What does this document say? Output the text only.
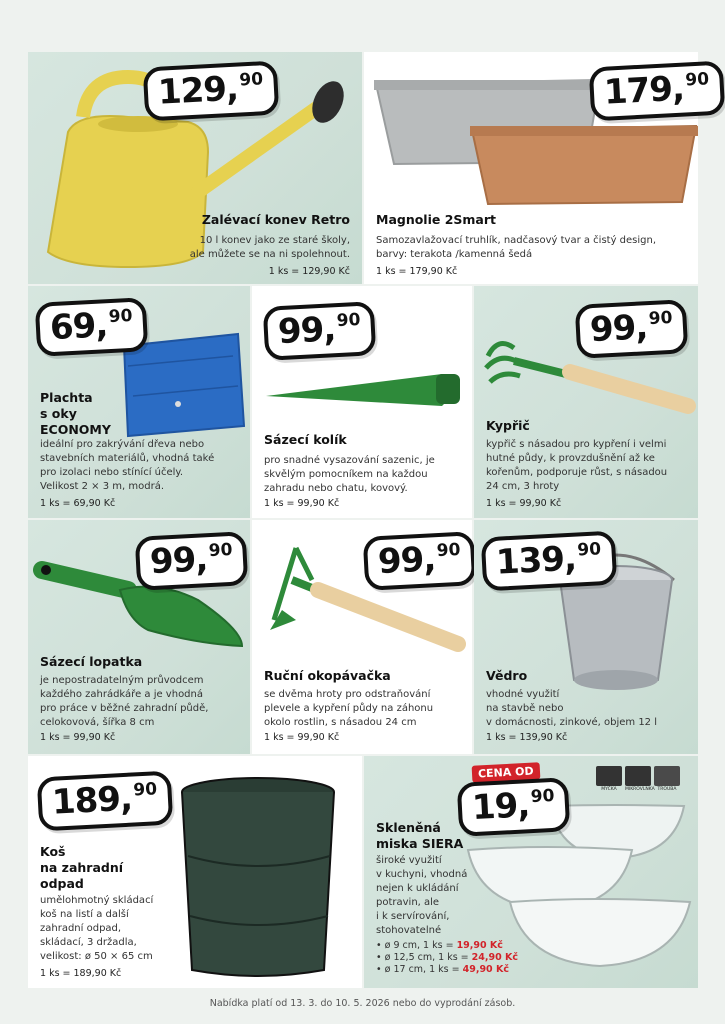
129,90
Zalévací konev Retro
10 l konev jako ze staré školy,
ale můžete se na ni spolehnout.
1 ks = 129,90 Kč
179,90
Magnolie 2Smart
Samozavlažovací truhlík, nadčasový tvar a čistý design,
barvy: terakota /kamenná šedá
1 ks = 179,90 Kč
69,90
Plachta
s oky
ECONOMY
ideální pro zakrývání dřeva nebo
stavebních materiálů, vhodná také
pro izolaci nebo stínící účely.
Velikost 2 × 3 m, modrá.
1 ks = 69,90 Kč
99,90
Sázecí kolík
pro snadné vysazování sazenic, je
skvělým pomocníkem na každou
zahradu nebo chatu, kovový.
1 ks = 99,90 Kč
99,90
Kypřič
kypřič s násadou pro kypření i velmi
hutné půdy, k provzdušnění až ke
kořenům, podporuje růst, s násadou
24 cm, 3 hroty
1 ks = 99,90 Kč
99,90
Sázecí lopatka
je nepostradatelným průvodcem
každého zahrádkáře a je vhodná
pro práce v běžné zahradní půdě,
celokovová, šířka 8 cm
1 ks = 99,90 Kč
99,90
Ruční okopávačka
se dvěma hroty pro odstraňování
plevele a kypření půdy na záhonu
okolo rostlin, s násadou 24 cm
1 ks = 99,90 Kč
139,90
Vědro
vhodné využití
na stavbě nebo
v domácnosti, zinkové, objem 12 l
1 ks = 139,90 Kč
189,90
Koš
na zahradní
odpad
umělohmotný skládací
koš na listí a další
zahradní odpad,
skládací, 3 držadla,
velikost: ø 50 × 65 cm
1 ks = 189,90 Kč
MYČKA	MIKROVLNKA TROUBA
CENA OD
19,90
Skleněná
miska SIERA
široké využití
v kuchyni, vhodná
nejen k ukládání
potravin, ale
i k servírování,
stohovatelné
• ø 9 cm, 1 ks = 19,90 Kč
• ø 12,5 cm, 1 ks = 24,90 Kč
• ø 17 cm, 1 ks = 49,90 Kč
Nabídka platí od 13. 3. do 10. 5. 2026 nebo do vyprodání zásob.
